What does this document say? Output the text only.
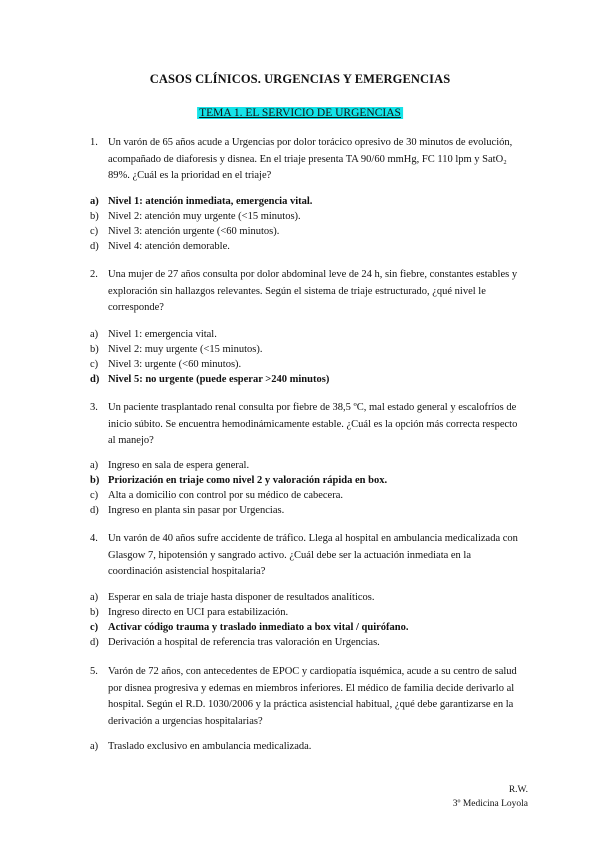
CASOS CLÍNICOS. URGENCIAS Y EMERGENCIAS
TEMA 1. EL SERVICIO DE URGENCIAS
1. Un varón de 65 años acude a Urgencias por dolor torácico opresivo de 30 minutos de evolución, acompañado de diaforesis y disnea. En el triaje presenta TA 90/60 mmHg, FC 110 lpm y SatO₂ 89%. ¿Cuál es la prioridad en el triaje?
a) Nivel 1: atención inmediata, emergencia vital.
b) Nivel 2: atención muy urgente (<15 minutos).
c) Nivel 3: atención urgente (<60 minutos).
d) Nivel 4: atención demorable.
2. Una mujer de 27 años consulta por dolor abdominal leve de 24 h, sin fiebre, constantes estables y exploración sin hallazgos relevantes. Según el sistema de triaje estructurado, ¿qué nivel le corresponde?
a) Nivel 1: emergencia vital.
b) Nivel 2: muy urgente (<15 minutos).
c) Nivel 3: urgente (<60 minutos).
d) Nivel 5: no urgente (puede esperar >240 minutos)
3. Un paciente trasplantado renal consulta por fiebre de 38,5 ºC, mal estado general y escalofríos de inicio súbito. Se encuentra hemodinámicamente estable. ¿Cuál es la opción más correcta respecto al manejo?
a) Ingreso en sala de espera general.
b) Priorización en triaje como nivel 2 y valoración rápida en box.
c) Alta a domicilio con control por su médico de cabecera.
d) Ingreso en planta sin pasar por Urgencias.
4. Un varón de 40 años sufre accidente de tráfico. Llega al hospital en ambulancia medicalizada con Glasgow 7, hipotensión y sangrado activo. ¿Cuál debe ser la actuación inmediata en la coordinación asistencial hospitalaria?
a) Esperar en sala de triaje hasta disponer de resultados analíticos.
b) Ingreso directo en UCI para estabilización.
c) Activar código trauma y traslado inmediato a box vital / quirófano.
d) Derivación a hospital de referencia tras valoración en Urgencias.
5. Varón de 72 años, con antecedentes de EPOC y cardiopatía isquémica, acude a su centro de salud por disnea progresiva y edemas en miembros inferiores. El médico de familia decide derivarlo al hospital. Según el R.D. 1030/2006 y la práctica asistencial habitual, ¿qué debe garantizarse en la derivación a urgencias hospitalarias?
a) Traslado exclusivo en ambulancia medicalizada.
R.W.
3º Medicina Loyola
